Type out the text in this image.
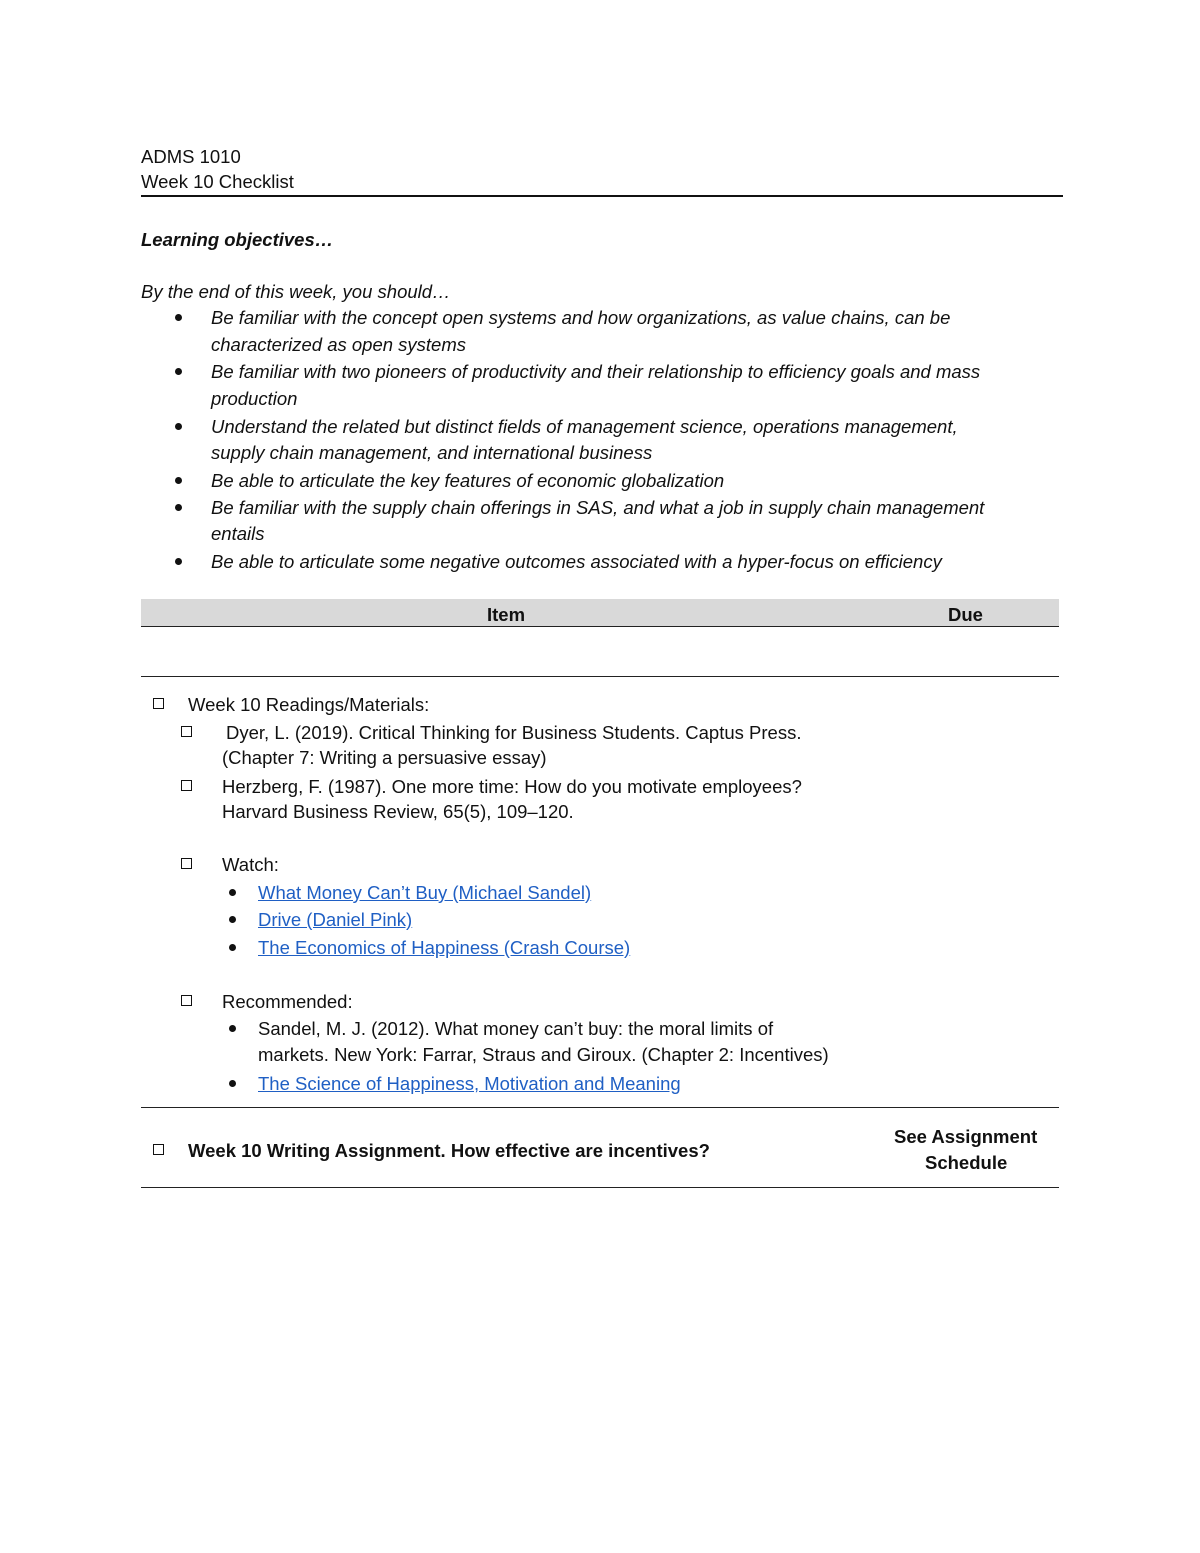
ADMS 1010
Week 10 Checklist
Learning objectives…
By the end of this week, you should…
Be familiar with the concept open systems and how organizations, as value chains, can be
characterized as open systems
Be familiar with two pioneers of productivity and their relationship to efficiency goals and mass
production
Understand the related but distinct fields of management science, operations management,
supply chain management, and international business
Be able to articulate the key features of economic globalization
Be familiar with the supply chain offerings in SAS, and what a job in supply chain management
entails
Be able to articulate some negative outcomes associated with a hyper-focus on efficiency
Item	Due
Week 10 Readings/Materials:
Dyer, L. (2019). Critical Thinking for Business Students. Captus Press.
(Chapter 7: Writing a persuasive essay)
Herzberg, F. (1987). One more time: How do you motivate employees?
Harvard Business Review, 65(5), 109–120.
Watch:
What Money Can’t Buy (Michael Sandel)
Drive (Daniel Pink)
The Economics of Happiness (Crash Course)
Recommended:
Sandel, M. J. (2012). What money can’t buy: the moral limits of
markets. New York: Farrar, Straus and Giroux. (Chapter 2: Incentives)
The Science of Happiness, Motivation and Meaning
Week 10 Writing Assignment. How effective are incentives?
See Assignment
Schedule
